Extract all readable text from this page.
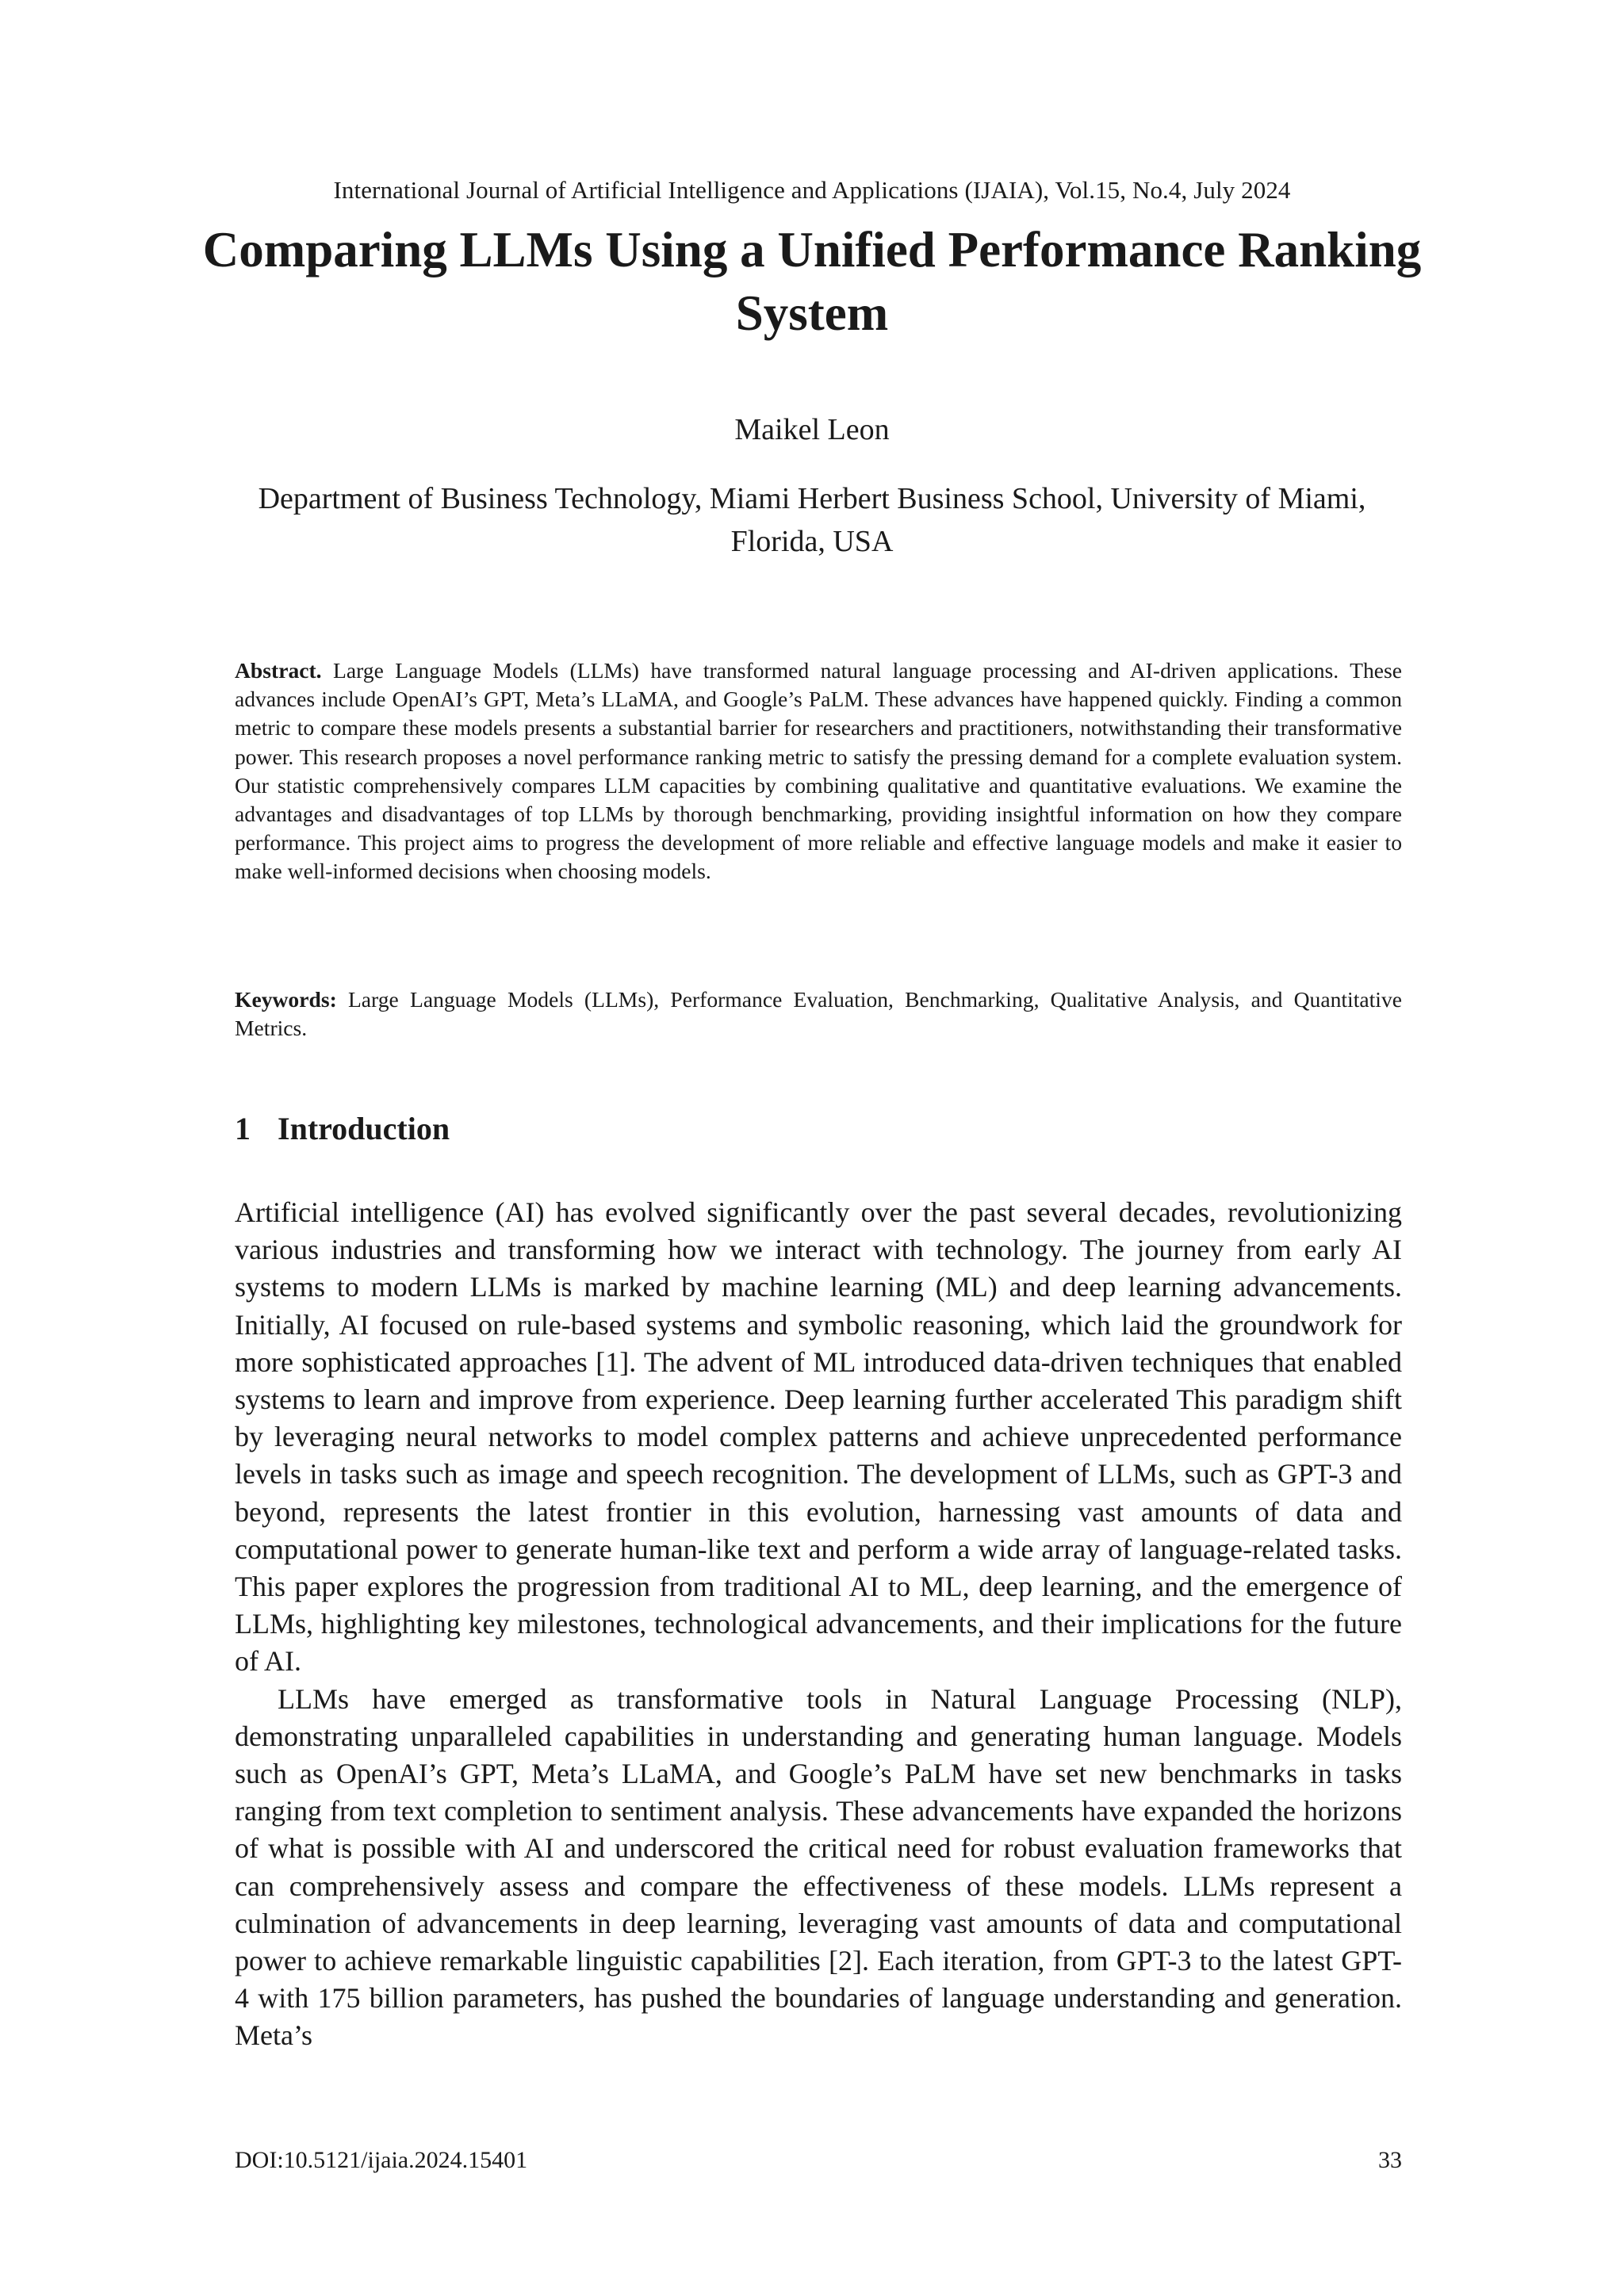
International Journal of Artificial Intelligence and Applications (IJAIA), Vol.15, No.4, July 2024
Comparing LLMs Using a Unified Performance Ranking System
Maikel Leon
Department of Business Technology, Miami Herbert Business School, University of Miami, Florida, USA

Abstract. Large Language Models (LLMs) have transformed natural language processing and AI-driven applications. These advances include OpenAI’s GPT, Meta’s LLaMA, and Google’s PaLM. These advances have happened quickly. Finding a common metric to compare these models presents a substantial barrier for researchers and practitioners, notwithstanding their transformative power. This research proposes a novel performance ranking metric to satisfy the pressing demand for a complete evaluation system. Our statistic comprehensively compares LLM capacities by combining qualitative and quantitative evaluations. We examine the advantages and disadvantages of top LLMs by thorough benchmarking, providing insightful information on how they compare performance. This project aims to progress the development of more reliable and effective language models and make it easier to make well-informed decisions when choosing models.

Keywords: Large Language Models (LLMs), Performance Evaluation, Benchmarking, Qualitative Analysis, and Quantitative Metrics.

1 Introduction

Artificial intelligence (AI) has evolved significantly over the past several decades, revolutionizing various industries and transforming how we interact with technology. The journey from early AI systems to modern LLMs is marked by machine learning (ML) and deep learning advancements. Initially, AI focused on rule-based systems and symbolic reasoning, which laid the groundwork for more sophisticated approaches [1]. The advent of ML introduced data-driven techniques that enabled systems to learn and improve from experience. Deep learning further accelerated This paradigm shift by leveraging neural networks to model complex patterns and achieve unprecedented performance levels in tasks such as image and speech recognition. The development of LLMs, such as GPT-3 and beyond, represents the latest frontier in this evolution, harnessing vast amounts of data and computational power to generate human-like text and perform a wide array of language-related tasks. This paper explores the progression from traditional AI to ML, deep learning, and the emergence of LLMs, highlighting key milestones, technological advancements, and their implications for the future of AI.

LLMs have emerged as transformative tools in Natural Language Processing (NLP), demonstrating unparalleled capabilities in understanding and generating human language. Models such as OpenAI’s GPT, Meta’s LLaMA, and Google’s PaLM have set new benchmarks in tasks ranging from text completion to sentiment analysis. These advancements have expanded the horizons of what is possible with AI and underscored the critical need for robust evaluation frameworks that can comprehensively assess and compare the effectiveness of these models. LLMs represent a culmination of advancements in deep learning, leveraging vast amounts of data and computational power to achieve remarkable linguistic capabilities [2]. Each iteration, from GPT-3 to the latest GPT-4 with 175 billion parameters, has pushed the boundaries of language understanding and generation. Meta’s

DOI:10.5121/ijaia.2024.15401	33
